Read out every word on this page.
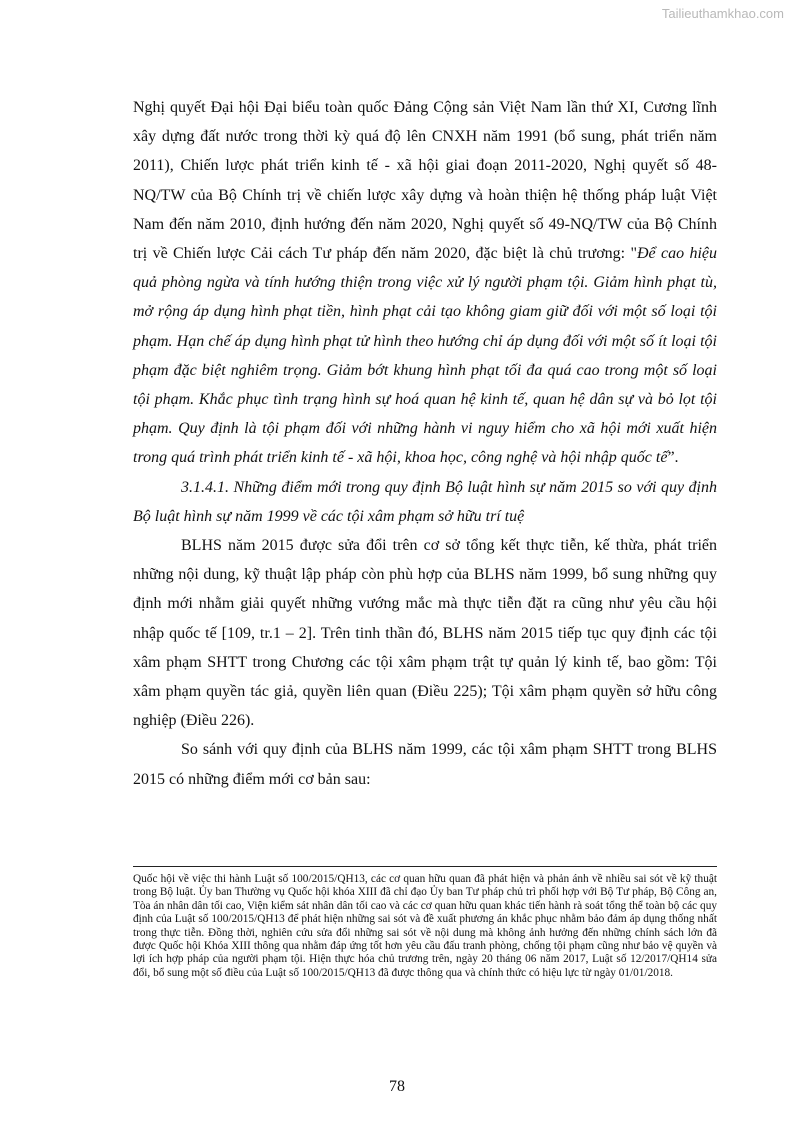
Tailieuthamkhao.com

Nghị quyết Đại hội Đại biểu toàn quốc Đảng Cộng sản Việt Nam lần thứ XI, Cương lĩnh xây dựng đất nước trong thời kỳ quá độ lên CNXH năm 1991 (bổ sung, phát triển năm 2011), Chiến lược phát triển kinh tế - xã hội giai đoạn 2011-2020, Nghị quyết số 48-NQ/TW của Bộ Chính trị về chiến lược xây dựng và hoàn thiện hệ thống pháp luật Việt Nam đến năm 2010, định hướng đến năm 2020, Nghị quyết số 49-NQ/TW của Bộ Chính trị về Chiến lược Cải cách Tư pháp đến năm 2020, đặc biệt là chủ trương: "Để cao hiệu quả phòng ngừa và tính hướng thiện trong việc xử lý người phạm tội. Giảm hình phạt tù, mở rộng áp dụng hình phạt tiền, hình phạt cải tạo không giam giữ đối với một số loại tội phạm. Hạn chế áp dụng hình phạt tử hình theo hướng chỉ áp dụng đối với một số ít loại tội phạm đặc biệt nghiêm trọng. Giảm bớt khung hình phạt tối đa quá cao trong một số loại tội phạm. Khắc phục tình trạng hình sự hoá quan hệ kinh tế, quan hệ dân sự và bỏ lọt tội phạm. Quy định là tội phạm đối với những hành vi nguy hiểm cho xã hội mới xuất hiện trong quá trình phát triển kinh tế - xã hội, khoa học, công nghệ và hội nhập quốc tế”.

3.1.4.1. Những điểm mới trong quy định Bộ luật hình sự năm 2015 so với quy định Bộ luật hình sự năm 1999 về các tội xâm phạm sở hữu trí tuệ

BLHS năm 2015 được sửa đổi trên cơ sở tổng kết thực tiễn, kế thừa, phát triển những nội dung, kỹ thuật lập pháp còn phù hợp của BLHS năm 1999, bổ sung những quy định mới nhằm giải quyết những vướng mắc mà thực tiễn đặt ra cũng như yêu cầu hội nhập quốc tế [109, tr.1 – 2]. Trên tinh thần đó, BLHS năm 2015 tiếp tục quy định các tội xâm phạm SHTT trong Chương các tội xâm phạm trật tự quản lý kinh tế, bao gồm: Tội xâm phạm quyền tác giả, quyền liên quan (Điều 225); Tội xâm phạm quyền sở hữu công nghiệp (Điều 226).

So sánh với quy định của BLHS năm 1999, các tội xâm phạm SHTT trong BLHS 2015 có những điểm mới cơ bản sau:

Quốc hội về việc thi hành Luật số 100/2015/QH13, các cơ quan hữu quan đã phát hiện và phản ánh về nhiều sai sót về kỹ thuật trong Bộ luật. Ủy ban Thường vụ Quốc hội khóa XIII đã chỉ đạo Ủy ban Tư pháp chủ trì phối hợp với Bộ Tư pháp, Bộ Công an, Tòa án nhân dân tối cao, Viện kiểm sát nhân dân tối cao và các cơ quan hữu quan khác tiến hành rà soát tổng thể toàn bộ các quy định của Luật số 100/2015/QH13 để phát hiện những sai sót và đề xuất phương án khắc phục nhằm bảo đảm áp dụng thống nhất trong thực tiễn. Đồng thời, nghiên cứu sửa đổi những sai sót về nội dung mà không ảnh hưởng đến những chính sách lớn đã được Quốc hội Khóa XIII thông qua nhằm đáp ứng tốt hơn yêu cầu đấu tranh phòng, chống tội phạm cũng như bảo vệ quyền và lợi ích hợp pháp của người phạm tội. Hiện thực hóa chủ trương trên, ngày 20 tháng 06 năm 2017, Luật số 12/2017/QH14 sửa đổi, bổ sung một số điều của Luật số 100/2015/QH13 đã được thông qua và chính thức có hiệu lực từ ngày 01/01/2018.

78
